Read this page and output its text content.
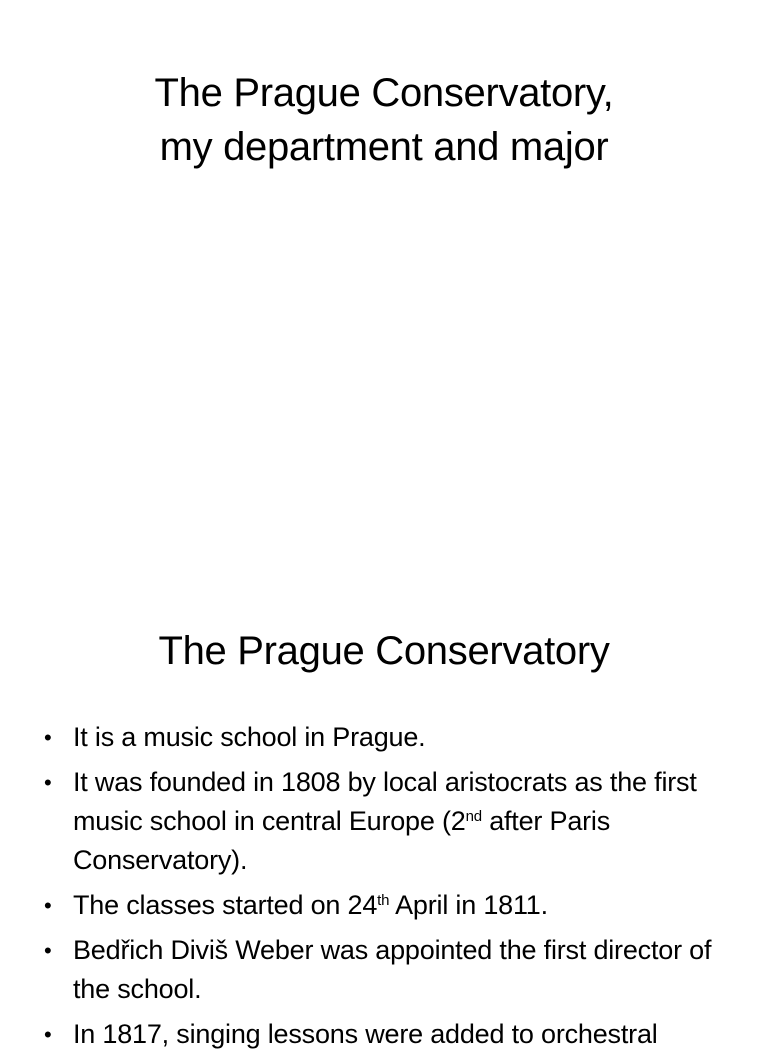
The Prague Conservatory,
my department and major
The Prague Conservatory
• It is a music school in Prague.
• It was founded in 1808 by local aristocrats as the first music school in central Europe (2nd after Paris Conservatory).
• The classes started on 24th April in 1811.
• Bedřich Diviš Weber was appointed the first director of the school.
• In 1817, singing lessons were added to orchestral
